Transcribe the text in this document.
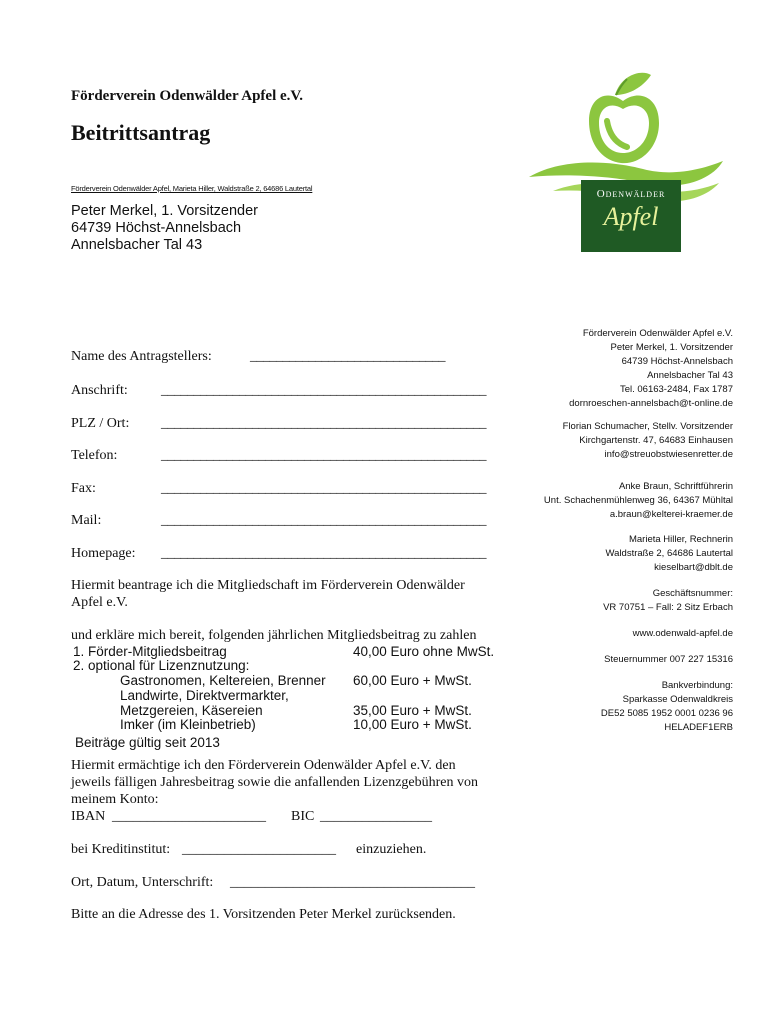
Förderverein Odenwälder Apfel e.V.
Beitrittsantrag
Förderverein Odenwälder Apfel, Marieta Hiller, Waldstraße 2, 64686 Lautertal
Peter Merkel, 1. Vorsitzender
64739 Höchst-Annelsbach
Annelsbacher Tal 43
Odenwälder
Apfel
Name des Antragstellers:	______________________________
Anschrift: __________________________________________________
PLZ / Ort: __________________________________________________
Telefon:	__________________________________________________
Fax:	__________________________________________________
Mail:	__________________________________________________
Homepage: __________________________________________________
Hiermit beantrage ich die Mitgliedschaft im Förderverein Odenwälder
Apfel e.V.
und erkläre mich bereit, folgenden jährlichen Mitgliedsbeitrag zu zahlen
1. Förder-Mitgliedsbeitrag	40,00 Euro ohne MwSt.
2. optional für Lizenznutzung:
Gastronomen, Keltereien, Brenner 60,00 Euro + MwSt.
Landwirte, Direktvermarkter,
Metzgereien, Käsereien	35,00 Euro + MwSt.
Imker (im Kleinbetrieb)	10,00 Euro + MwSt.
Beiträge gültig seit 2013
Hiermit ermächtige ich den Förderverein Odenwälder Apfel e.V. den
jeweils fälligen Jahresbeitrag sowie die anfallenden Lizenzgebühren von
meinem Konto:
IBAN ______________________ BIC ________________
bei Kreditinstitut: ______________________ einzuziehen.
Ort, Datum, Unterschrift: ___________________________________
Bitte an die Adresse des 1. Vorsitzenden Peter Merkel zurücksenden.
Förderverein Odenwälder Apfel e.V.
Peter Merkel, 1. Vorsitzender
64739 Höchst-Annelsbach
Annelsbacher Tal 43
Tel. 06163-2484, Fax 1787
dornroeschen-annelsbach@t-online.de
Florian Schumacher, Stellv. Vorsitzender
Kirchgartenstr. 47, 64683 Einhausen
info@streuobstwiesenretter.de
Anke Braun, Schriftführerin
Unt. Schachenmühlenweg 36, 64367 Mühltal
a.braun@kelterei-kraemer.de
Marieta Hiller, Rechnerin
Waldstraße 2, 64686 Lautertal
kieselbart@dblt.de
Geschäftsnummer:
VR 70751 – Fall: 2 Sitz Erbach
www.odenwald-apfel.de
Steuernummer 007 227 15316
Bankverbindung:
Sparkasse Odenwaldkreis
DE52 5085 1952 0001 0236 96
HELADEF1ERB
